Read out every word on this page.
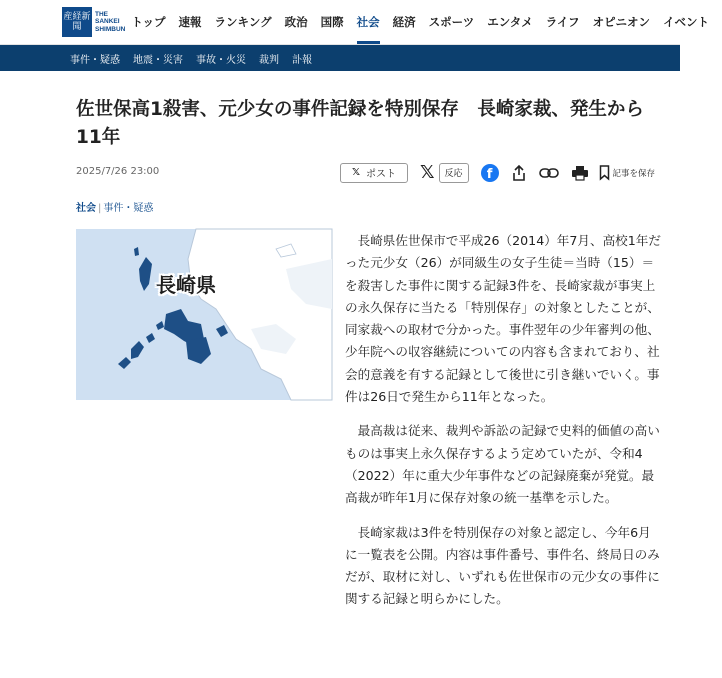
産経新聞
THE
SANKEI
SHIMBUN
トップ 速報 ランキング 政治 国際 社会 経済 スポーツ エンタメ ライフ オピニオン イベント
事件・疑惑 地震・災害 事故・火災 裁判 訃報
佐世保高1殺害、元少女の事件記録を特別保存　長崎家裁、発生から11年
2025/7/26 23:00	𝕏 ポスト 𝕏	反応	f	記事を保存
社会 | 事件・疑惑
長崎県

長崎県佐世保市で平成26（2014）年7月、高校1年だった元少女（26）が同級生の女子生徒＝当時（15）＝を殺害した事件に関する記録3件を、長崎家裁が事実上の永久保存に当たる「特別保存」の対象としたことが、同家裁への取材で分かった。事件翌年の少年審判の他、少年院への収容継続についての内容も含まれており、社会的意義を有する記録として後世に引き継いでいく。事件は26日で発生から11年となった。

最高裁は従来、裁判や訴訟の記録で史料的価値の高いものは事実上永久保存するよう定めていたが、令和4（2022）年に重大少年事件などの記録廃棄が発覚。最高裁が昨年1月に保存対象の統一基準を示した。

長崎家裁は3件を特別保存の対象と認定し、今年6月に一覧表を公開。内容は事件番号、事件名、終局日のみだが、取材に対し、いずれも佐世保市の元少女の事件に関する記録と明らかにした。
